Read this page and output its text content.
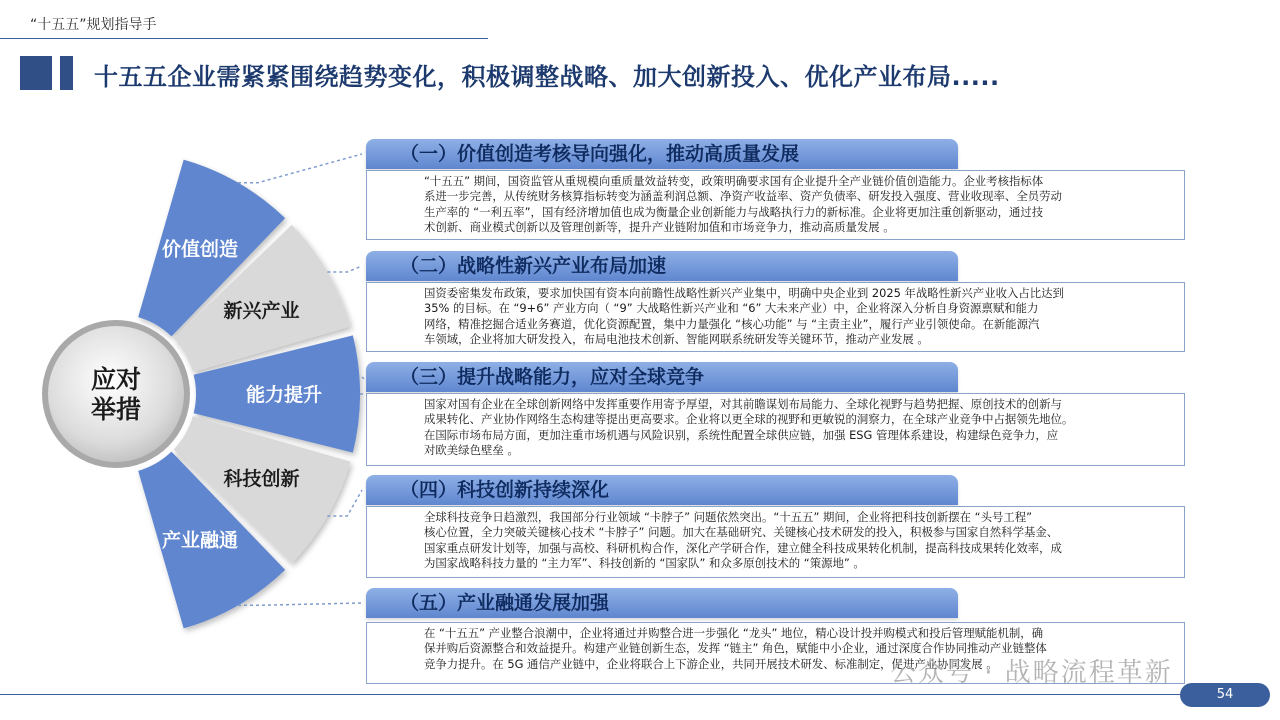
“十五五”规划指导手
十五五企业需紧紧围绕趋势变化，积极调整战略、加大创新投入、优化产业布局.....
价值创造
新兴产业
能力提升
科技创新
产业融通
应对
举措
（一）价值创造考核导向强化，推动高质量发展
“十五五” 期间，国资监管从重规模向重质量效益转变，政策明确要求国有企业提升全产业链价值创造能力。企业考核指标体
系进一步完善，从传统财务核算指标转变为涵盖利润总额、净资产收益率、资产负债率、研发投入强度、营业收现率、全员劳动
生产率的 “一利五率”，国有经济增加值也成为衡量企业创新能力与战略执行力的新标准。企业将更加注重创新驱动，通过技
术创新、商业模式创新以及管理创新等，提升产业链附加值和市场竞争力，推动高质量发展 。
（二）战略性新兴产业布局加速
国资委密集发布政策，要求加快国有资本向前瞻性战略性新兴产业集中，明确中央企业到 2025 年战略性新兴产业收入占比达到
35% 的目标。在 “9+6” 产业方向（ “9” 大战略性新兴产业和 “6” 大未来产业）中，企业将深入分析自身资源禀赋和能力
网络，精准挖掘合适业务赛道，优化资源配置，集中力量强化 “核心功能” 与 “主责主业”，履行产业引领使命。在新能源汽
车领域，企业将加大研发投入，布局电池技术创新、智能网联系统研发等关键环节，推动产业发展 。
（三）提升战略能力，应对全球竞争
国家对国有企业在全球创新网络中发挥重要作用寄予厚望，对其前瞻谋划布局能力、全球化视野与趋势把握、原创技术的创新与
成果转化、产业协作网络生态构建等提出更高要求。企业将以更全球的视野和更敏锐的洞察力，在全球产业竞争中占据领先地位。
在国际市场布局方面，更加注重市场机遇与风险识别，系统性配置全球供应链，加强 ESG 管理体系建设，构建绿色竞争力，应
对欧美绿色壁垒 。
（四）科技创新持续深化
全球科技竞争日趋激烈，我国部分行业领域 “卡脖子” 问题依然突出。“十五五” 期间，企业将把科技创新摆在 “头号工程”
核心位置，全力突破关键核心技术 “卡脖子” 问题。加大在基础研究、关键核心技术研发的投入，积极参与国家自然科学基金、
国家重点研发计划等，加强与高校、科研机构合作，深化产学研合作，建立健全科技成果转化机制，提高科技成果转化效率，成
为国家战略科技力量的 “主力军”、科技创新的 “国家队” 和众多原创技术的 “策源地” 。
（五）产业融通发展加强
在 “十五五” 产业整合浪潮中，企业将通过并购整合进一步强化 “龙头” 地位，精心设计投并购模式和投后管理赋能机制，确
保并购后资源整合和效益提升。构建产业链创新生态，发挥 “链主” 角色，赋能中小企业，通过深度合作协同推动产业链整体
竞争力提升。在 5G 通信产业链中，企业将联合上下游企业，共同开展技术研发、标准制定，促进产业协同发展 。
公众号 · 战略流程革新
54
